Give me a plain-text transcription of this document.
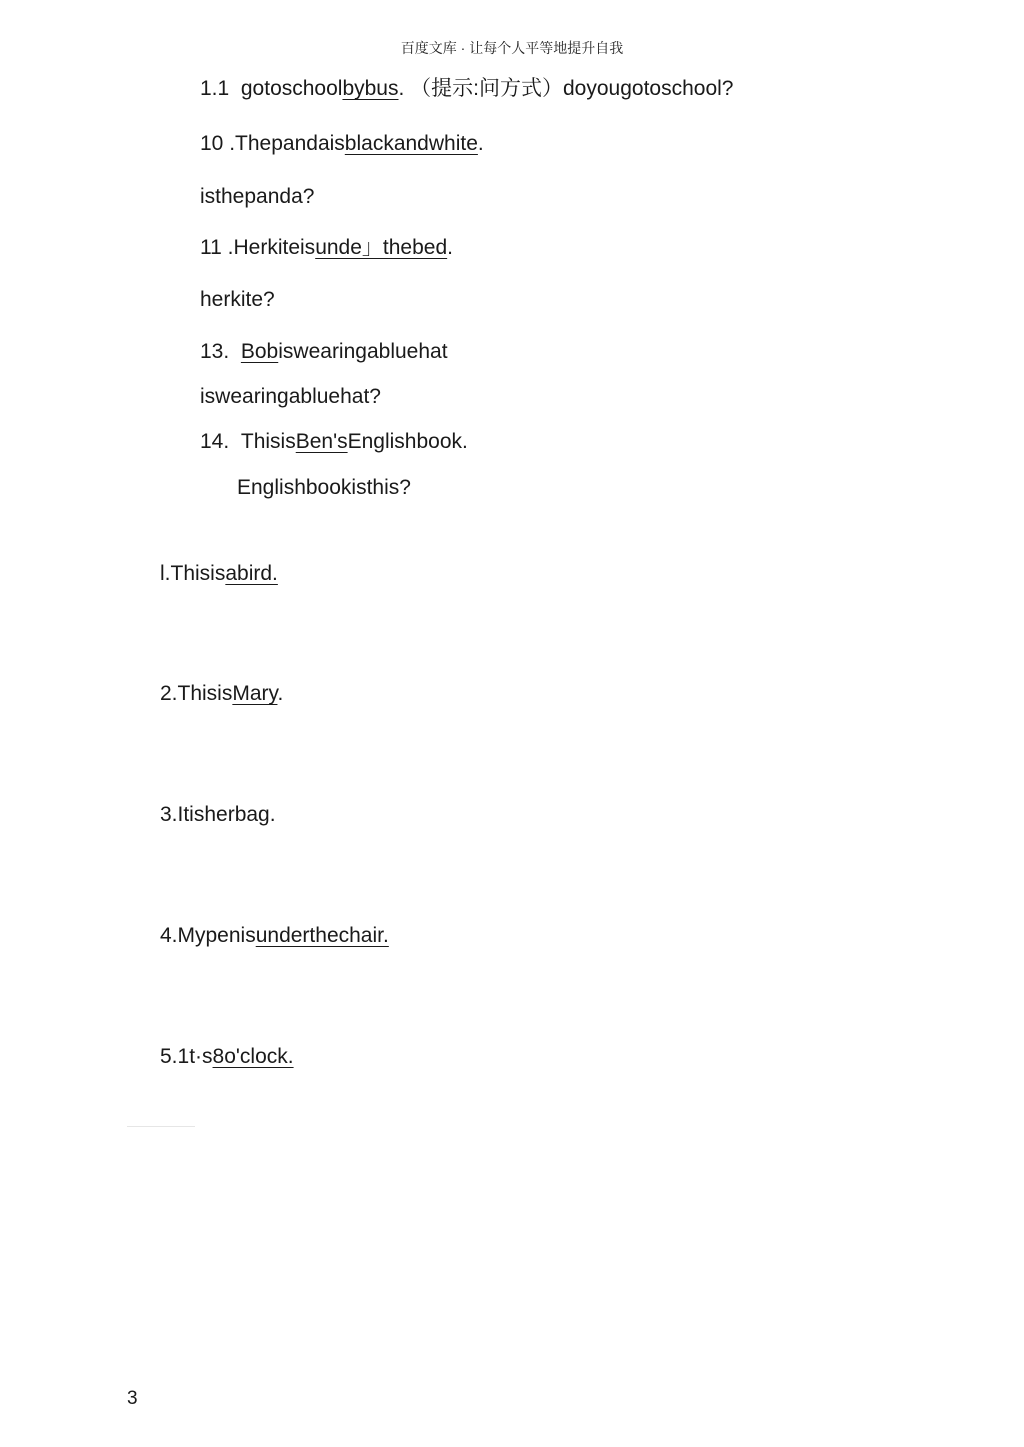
百度文库 · 让每个人平等地提升自我
1.1 gotoschoolbybus. （提示:问方式）doyougotoschool?
10 .Thepandaisblackandwhite.
isthepanda?
11 .Herkiteisunde」thebed.
herkite?
13. Bobiswearingabluehat
iswearingabluehat?
14. ThisisBen'sEnglishbook.
Englishbookisthis?
l.Thisisabird.
2.ThisisMary.
3.Itisherbag.
4.Mypenisunderthechair.
5.1t·s8o'clock.
3
